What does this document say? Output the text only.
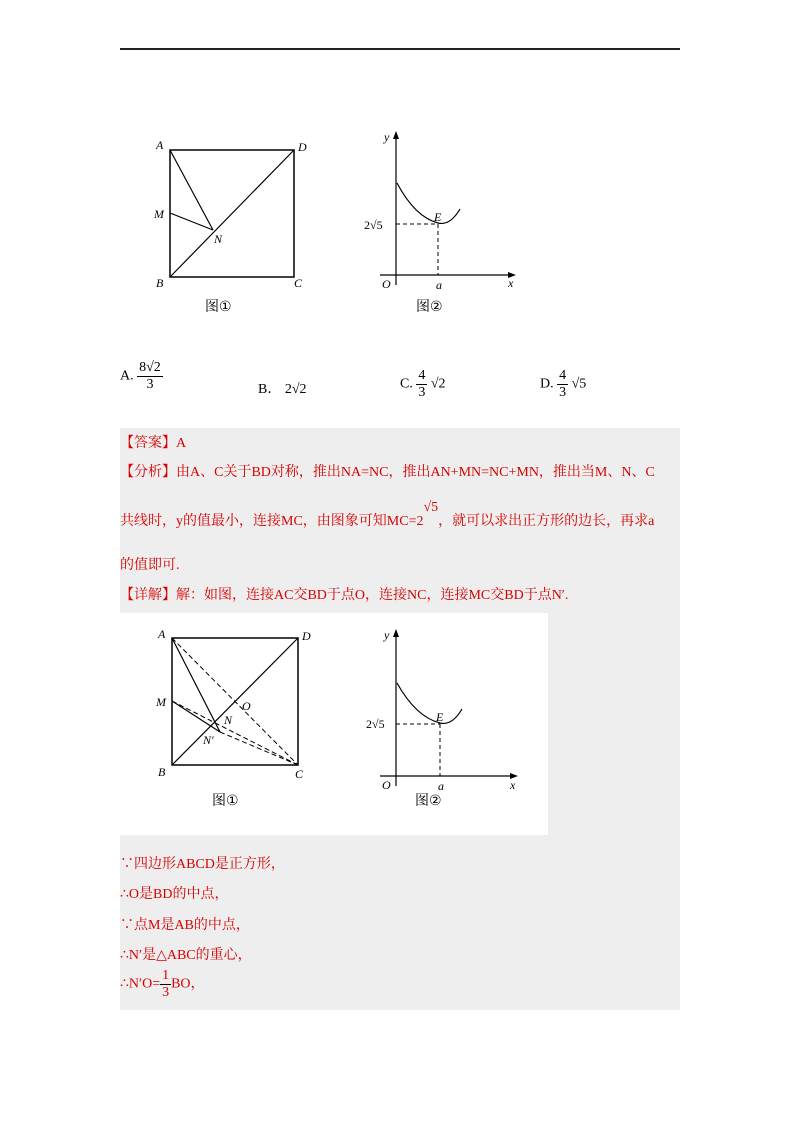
A	D
M
N
B	C
图①
y
x
O
E
a
2√5
图②
A. $\frac{8√2}{3}$	B． 2√2	C. $\frac{4}{3} √2$	D. $\frac{4}{3} √5$
【答案】A
【分析】由A、C关于BD对称，推出NA=NC，推出AN+MN=NC+MN，推出当M、N、C
共线时，y的值最小，连接MC，由图象可知MC=2√5，就可以求出正方形的边长，再求a
的值即可.
【详解】解：如图，连接AC交BD于点O，连接NC，连接MC交BD于点N′.
A	D
M
N
N′
O
B	C
图①
y
x
O
E
a
2√5
图②
∵四边形ABCD是正方形，
∴O是BD的中点，
∵点M是AB的中点，
∴N′是△ABC的重心，
∴N′O= $\frac{1}{3}$ BO，
